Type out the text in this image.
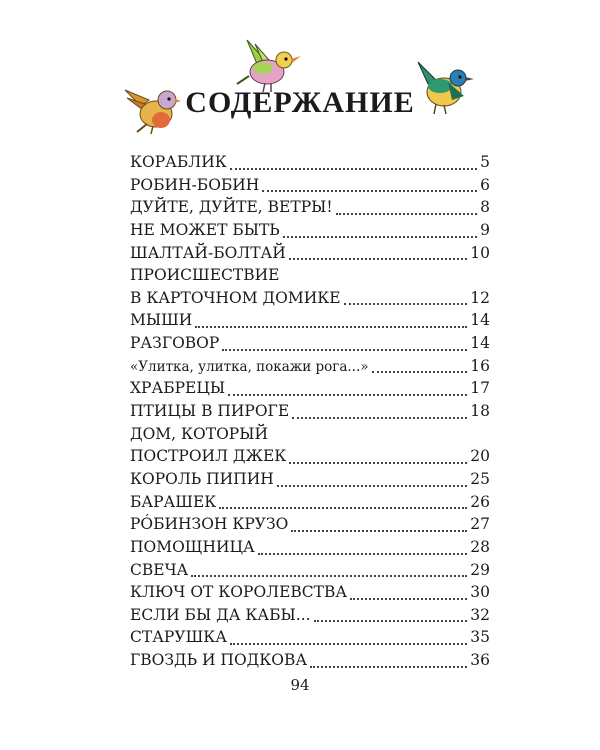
СОДЕРЖАНИЕ
КОРАБЛИК	5
РОБИН-БОБИН	6
ДУЙТЕ, ДУЙТЕ, ВЕТРЫ!	8
НЕ МОЖЕТ БЫТЬ	9
ШАЛТАЙ-БОЛТАЙ	10
ПРОИСШЕСТВИЕ
В КАРТОЧНОМ ДОМИКЕ	12
МЫШИ	14
РАЗГОВОР	14
«Улитка, улитка, покажи рога...»	16
ХРАБРЕЦЫ	17
ПТИЦЫ В ПИРОГЕ	18
ДОМ, КОТОРЫЙ
ПОСТРОИЛ ДЖЕК	20
КОРОЛЬ ПИПИН	25
БАРАШЕК	26
РÓБИНЗОН КРУЗО	27
ПОМОЩНИЦА	28
СВЕЧА	29
КЛЮЧ ОТ КОРОЛЕВСТВА	30
ЕСЛИ БЫ ДА КАБЫ...	32
СТАРУШКА	35
ГВОЗДЬ И ПОДКОВА	36
94
